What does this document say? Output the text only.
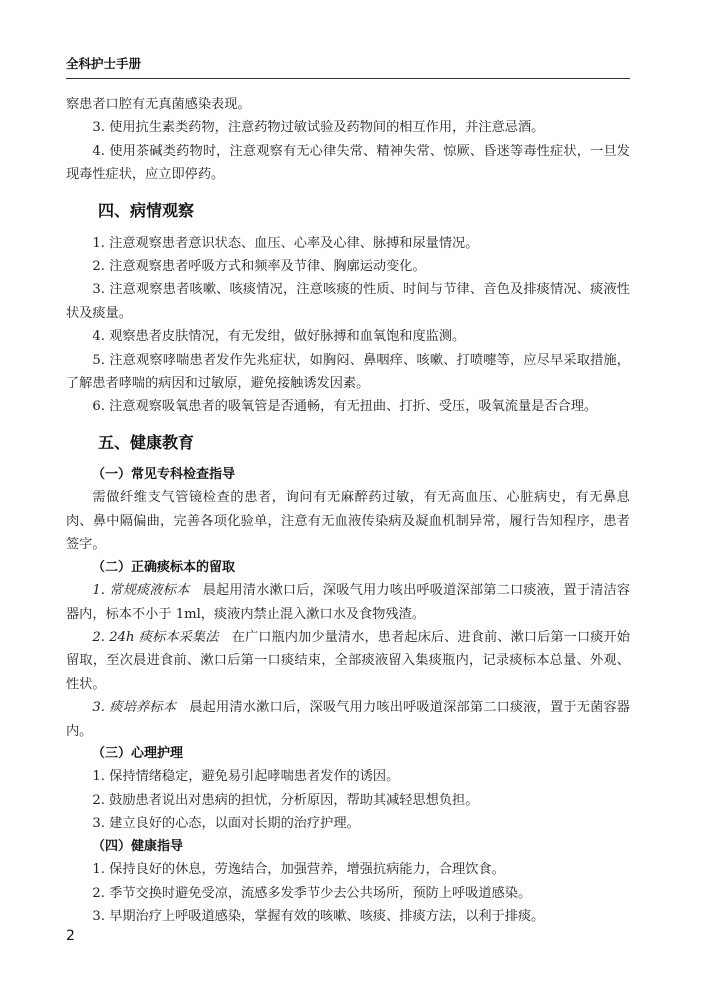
全科护士手册

察患者口腔有无真菌感染表现。

3. 使用抗生素类药物，注意药物过敏试验及药物间的相互作用，并注意忌酒。

4. 使用茶碱类药物时，注意观察有无心律失常、精神失常、惊厥、昏迷等毒性症状，一旦发现毒性症状，应立即停药。

四、病情观察

1. 注意观察患者意识状态、血压、心率及心律、脉搏和尿量情况。

2. 注意观察患者呼吸方式和频率及节律、胸廓运动变化。

3. 注意观察患者咳嗽、咳痰情况，注意咳痰的性质、时间与节律、音色及排痰情况、痰液性状及痰量。

4. 观察患者皮肤情况，有无发绀，做好脉搏和血氧饱和度监测。

5. 注意观察哮喘患者发作先兆症状，如胸闷、鼻咽痒、咳嗽、打喷嚏等，应尽早采取措施，了解患者哮喘的病因和过敏原，避免接触诱发因素。

6. 注意观察吸氧患者的吸氧管是否通畅，有无扭曲、打折、受压，吸氧流量是否合理。

五、健康教育
（一）常见专科检查指导

需做纤维支气管镜检查的患者，询问有无麻醉药过敏，有无高血压、心脏病史，有无鼻息肉、鼻中隔偏曲，完善各项化验单，注意有无血液传染病及凝血机制异常，履行告知程序，患者签字。

（二）正确痰标本的留取

1. 常规痰液标本 晨起用清水漱口后，深吸气用力咳出呼吸道深部第二口痰液，置于清洁容器内，标本不小于 1ml，痰液内禁止混入漱口水及食物残渣。

2. 24h 痰标本采集法 在广口瓶内加少量清水，患者起床后、进食前、漱口后第一口痰开始留取，至次晨进食前、漱口后第一口痰结束，全部痰液留入集痰瓶内，记录痰标本总量、外观、性状。

3. 痰培养标本 晨起用清水漱口后，深吸气用力咳出呼吸道深部第二口痰液，置于无菌容器内。

（三）心理护理

1. 保持情绪稳定，避免易引起哮喘患者发作的诱因。

2. 鼓励患者说出对患病的担忧，分析原因，帮助其减轻思想负担。

3. 建立良好的心态，以面对长期的治疗护理。

（四）健康指导

1. 保持良好的休息，劳逸结合，加强营养，增强抗病能力，合理饮食。

2. 季节交换时避免受凉，流感多发季节少去公共场所，预防上呼吸道感染。

3. 早期治疗上呼吸道感染，掌握有效的咳嗽、咳痰、排痰方法，以利于排痰。

2
